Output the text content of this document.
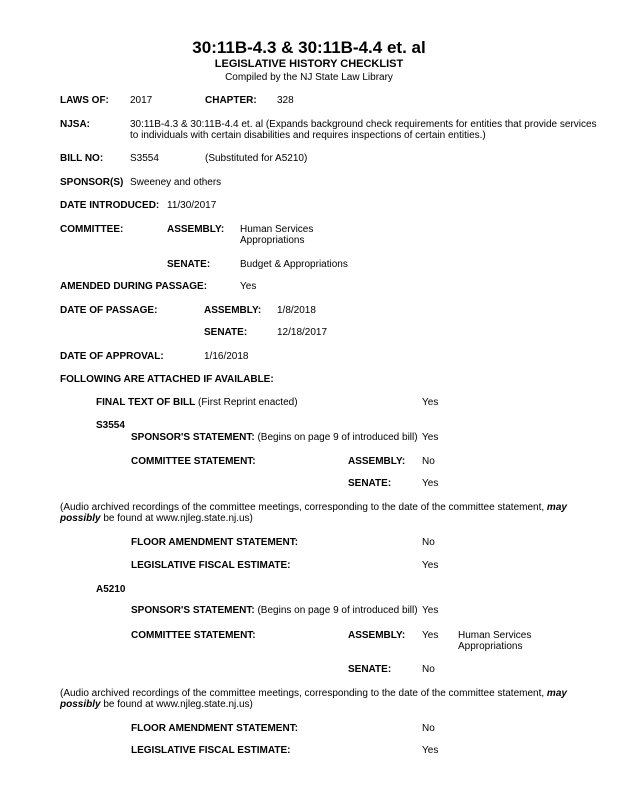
30:11B-4.3 & 30:11B-4.4 et. al
LEGISLATIVE HISTORY CHECKLIST
Compiled by the NJ State Law Library
LAWS OF: 2017	CHAPTER: 328
NJSA:	30:11B-4.3 & 30:11B-4.4 et. al (Expands background check requirements for entities that provide services to individuals with certain disabilities and requires inspections of certain entities.)
BILL NO:	S3554	(Substituted for A5210)
SPONSOR(S) Sweeney and others
DATE INTRODUCED: 11/30/2017
COMMITTEE:	ASSEMBLY: Human Services
Appropriations
SENATE:	Budget & Appropriations
AMENDED DURING PASSAGE:	Yes
DATE OF PASSAGE:	ASSEMBLY: 1/8/2018
SENATE:	12/18/2017
DATE OF APPROVAL:	1/16/2018
FOLLOWING ARE ATTACHED IF AVAILABLE:
FINAL TEXT OF BILL (First Reprint enacted)	Yes
S3554
SPONSOR'S STATEMENT: (Begins on page 9 of introduced bill) Yes
COMMITTEE STATEMENT:	ASSEMBLY: No
SENATE:	Yes
(Audio archived recordings of the committee meetings, corresponding to the date of the committee statement, may possibly be found at www.njleg.state.nj.us)
FLOOR AMENDMENT STATEMENT:	No
LEGISLATIVE FISCAL ESTIMATE:	Yes
A5210
SPONSOR'S STATEMENT: (Begins on page 9 of introduced bill) Yes
COMMITTEE STATEMENT:	ASSEMBLY: Yes Human Services
Appropriations
SENATE:	No
(Audio archived recordings of the committee meetings, corresponding to the date of the committee statement, may possibly be found at www.njleg.state.nj.us)
FLOOR AMENDMENT STATEMENT:	No
LEGISLATIVE FISCAL ESTIMATE:	Yes
